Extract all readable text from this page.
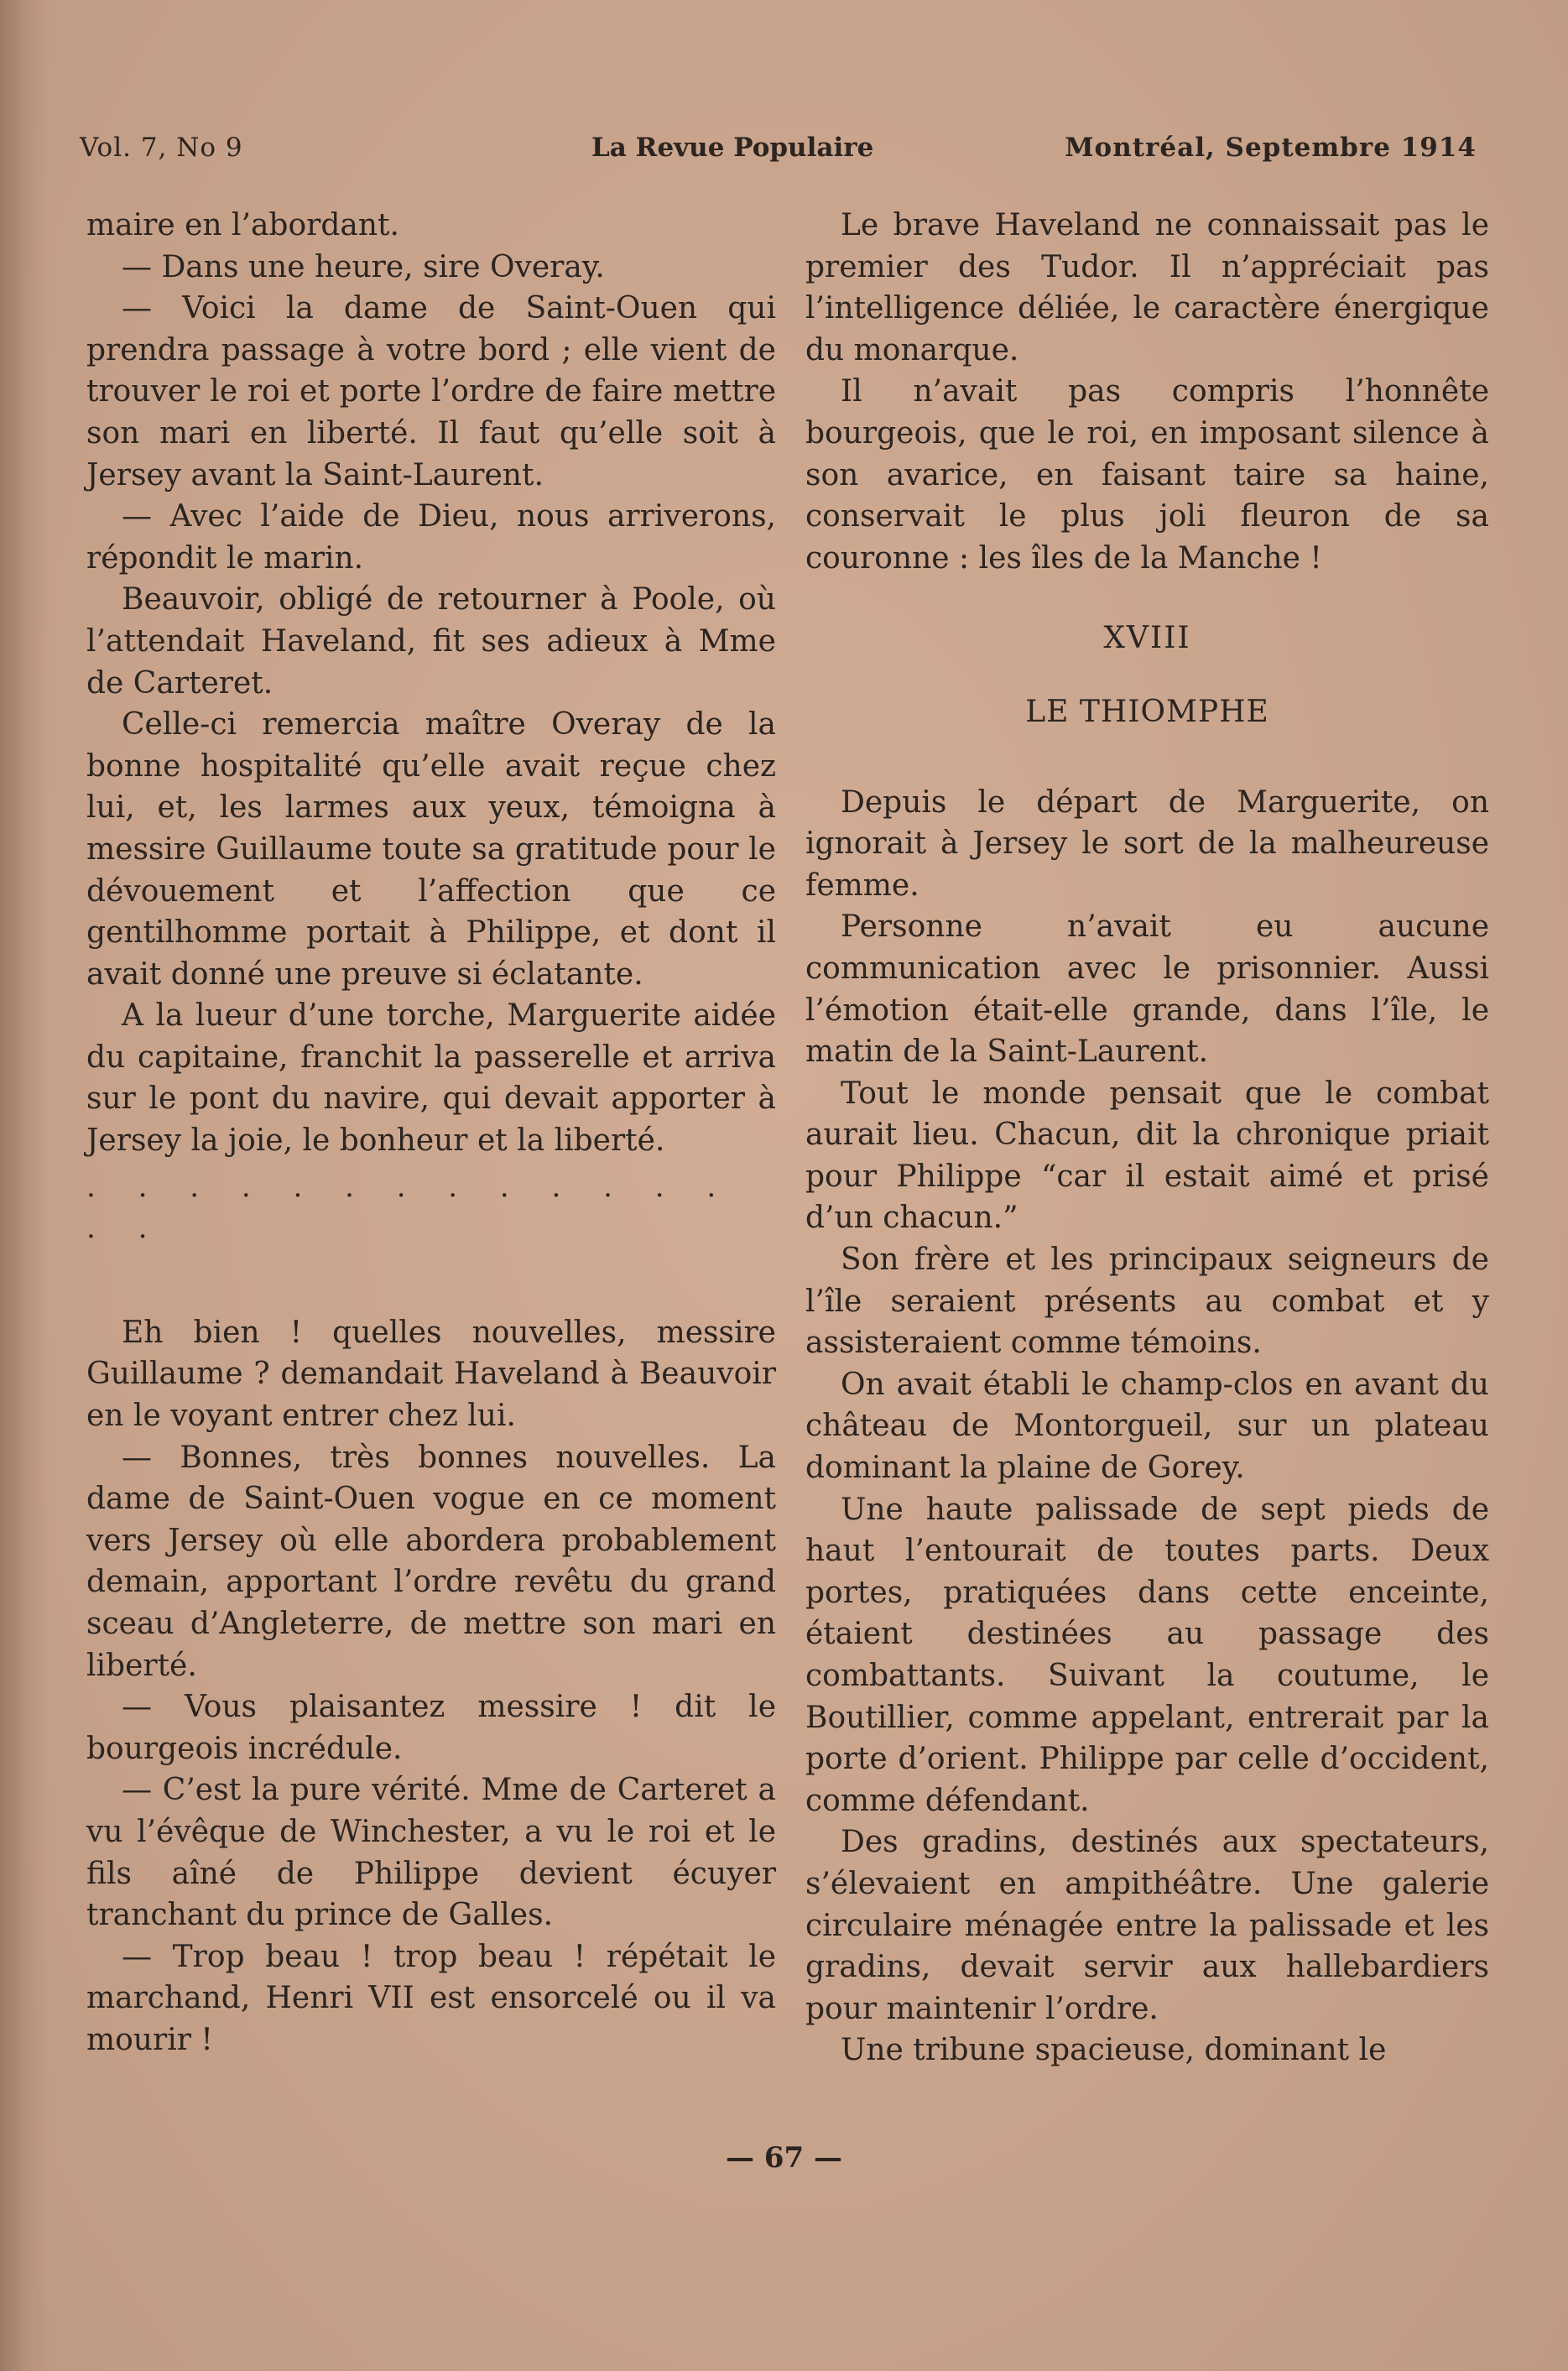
Vol. 7, No 9	La Revue Populaire	Montréal, Septembre 1914

maire en l’abordant.

— Dans une heure, sire Overay.

— Voici la dame de Saint-Ouen qui prendra passage à votre bord ; elle vient de trouver le roi et porte l’ordre de faire mettre son mari en liberté. Il faut qu’elle soit à Jersey avant la Saint-Laurent.

— Avec l’aide de Dieu, nous arriverons, répondit le marin.

Beauvoir, obligé de retourner à Poole, où l’attendait Haveland, fit ses adieux à Mme de Carteret.

Celle-ci remercia maître Overay de la bonne hospitalité qu’elle avait reçue chez lui, et, les larmes aux yeux, témoigna à messire Guillaume toute sa gratitude pour le dévouement et l’affection que ce gentilhomme portait à Philippe, et dont il avait donné une preuve si éclatante.

A la lueur d’une torche, Marguerite aidée du capitaine, franchit la passerelle et arriva sur le pont du navire, qui devait apporter à Jersey la joie, le bonheur et la liberté.

. . . . . . . . . . . . . . .

Eh bien ! quelles nouvelles, messire Guillaume ? demandait Haveland à Beauvoir en le voyant entrer chez lui.

— Bonnes, très bonnes nouvelles. La dame de Saint-Ouen vogue en ce moment vers Jersey où elle abordera probablement demain, apportant l’ordre revêtu du grand sceau d’Angleterre, de mettre son mari en liberté.

— Vous plaisantez messire ! dit le bourgeois incrédule.

— C’est la pure vérité. Mme de Carteret a vu l’évêque de Winchester, a vu le roi et le fils aîné de Philippe devient écuyer tranchant du prince de Galles.

— Trop beau ! trop beau ! répétait le marchand, Henri VII est ensorcelé ou il va mourir !

Le brave Haveland ne connaissait pas le premier des Tudor. Il n’appréciait pas l’intelligence déliée, le caractère énergique du monarque.

Il n’avait pas compris l’honnête bourgeois, que le roi, en imposant silence à son avarice, en faisant taire sa haine, conservait le plus joli fleuron de sa couronne : les îles de la Manche !

XVIII

LE THIOMPHE

Depuis le départ de Marguerite, on ignorait à Jersey le sort de la malheureuse femme.

Personne n’avait eu aucune communication avec le prisonnier. Aussi l’émotion était-elle grande, dans l’île, le matin de la Saint-Laurent.

Tout le monde pensait que le combat aurait lieu. Chacun, dit la chronique priait pour Philippe “car il estait aimé et prisé d’un chacun.”

Son frère et les principaux seigneurs de l’île seraient présents au combat et y assisteraient comme témoins.

On avait établi le champ-clos en avant du château de Montorgueil, sur un plateau dominant la plaine de Gorey.

Une haute palissade de sept pieds de haut l’entourait de toutes parts. Deux portes, pratiquées dans cette enceinte, étaient destinées au passage des combattants. Suivant la coutume, le Boutillier, comme appelant, entrerait par la porte d’orient. Philippe par celle d’occident, comme défendant.

Des gradins, destinés aux spectateurs, s’élevaient en ampithéâtre. Une galerie circulaire ménagée entre la palissade et les gradins, devait servir aux hallebardiers pour maintenir l’ordre.

Une tribune spacieuse, dominant le

— 67 —
